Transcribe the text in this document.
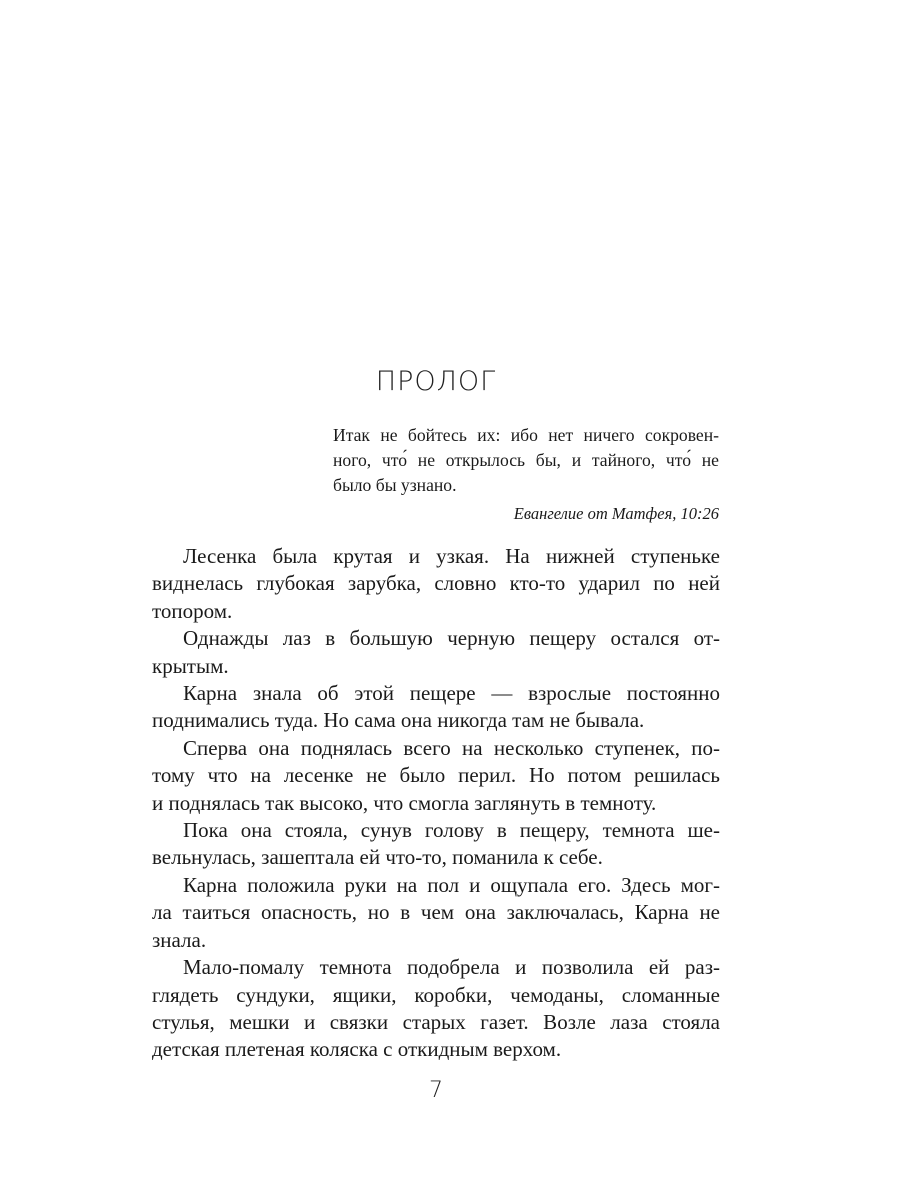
ПРОЛОГ

Итак не бойтесь их: ибо нет ничего сокровен-
ного, что́ не открылось бы, и тайного, что́ не
было бы узнано.

Евангелие от Матфея, 10:26

Лесенка была крутая и узкая. На нижней ступеньке
виднелась глубокая зарубка, словно кто-то ударил по ней
топором.

Однажды лаз в большую черную пещеру остался от-
крытым.

Карна знала об этой пещере — взрослые постоянно
поднимались туда. Но сама она никогда там не бывала.

Сперва она поднялась всего на несколько ступенек, по-
тому что на лесенке не было перил. Но потом решилась
и поднялась так высоко, что смогла заглянуть в темноту.

Пока она стояла, сунув голову в пещеру, темнота ше-
вельнулась, зашептала ей что-то, поманила к себе.

Карна положила руки на пол и ощупала его. Здесь мог-
ла таиться опасность, но в чем она заключалась, Карна не
знала.

Мало-помалу темнота подобрела и позволила ей раз-
глядеть сундуки, ящики, коробки, чемоданы, сломанные
стулья, мешки и связки старых газет. Возле лаза стояла
детская плетеная коляска с откидным верхом.

7
